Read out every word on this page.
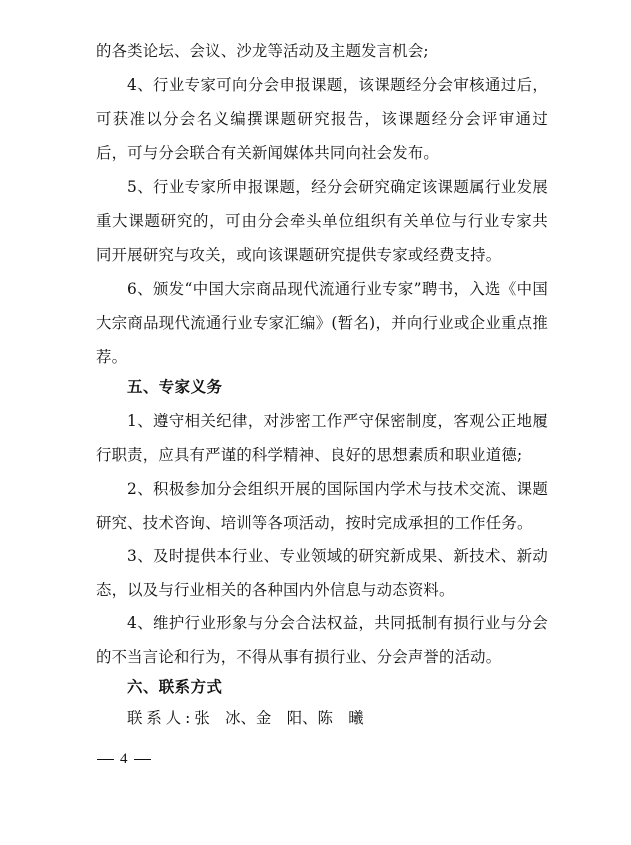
的各类论坛、会议、沙龙等活动及主题发言机会;

4、行业专家可向分会申报课题，该课题经分会审核通过后，可获准以分会名义编撰课题研究报告，该课题经分会评审通过后，可与分会联合有关新闻媒体共同向社会发布。

5、行业专家所申报课题，经分会研究确定该课题属行业发展重大课题研究的，可由分会牵头单位组织有关单位与行业专家共同开展研究与攻关，或向该课题研究提供专家或经费支持。

6、颁发“中国大宗商品现代流通行业专家”聘书，入选《中国大宗商品现代流通行业专家汇编》(暂名)，并向行业或企业重点推荐。

五、专家义务

1、遵守相关纪律，对涉密工作严守保密制度，客观公正地履行职责，应具有严谨的科学精神、良好的思想素质和职业道德;

2、积极参加分会组织开展的国际国内学术与技术交流、课题研究、技术咨询、培训等各项活动，按时完成承担的工作任务。

3、及时提供本行业、专业领域的研究新成果、新技术、新动态，以及与行业相关的各种国内外信息与动态资料。

4、维护行业形象与分会合法权益，共同抵制有损行业与分会的不当言论和行为，不得从事有损行业、分会声誉的活动。

六、联系方式

联系人:张　冰、金　阳、陈　曦

4
